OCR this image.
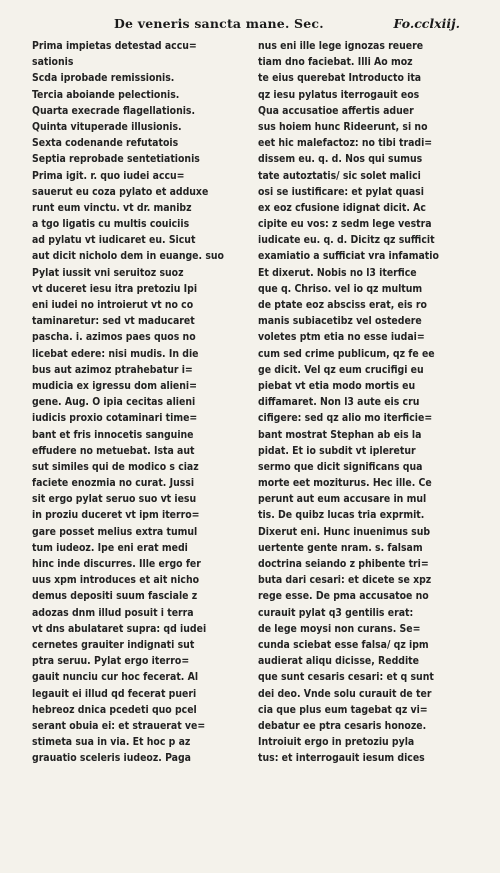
De veneris sancta mane. Sec.	Fo.cclxiij.
Prima impietas detestad accu=
sationis
Scda iprobade remissionis.
Tercia aboiande pelectionis.
Quarta execrade flagellationis.
Quinta vituperade illusionis.
Sexta codenande refutatois
Septia reprobade sentetiationis
Prima igit. r. quo iudei accu=
sauerut eu coza pylato et adduxe
runt eum vinctu. vt dr. manibz
a tgo ligatis cu multis couiciis
ad pylatu vt iudicaret eu. Sicut
aut dicit nicholo dem in euange. suo
Pylat iussit vni seruitoz suoz
vt duceret iesu itra pretoziu Ipi
eni iudei no introierut vt no co
taminaretur: sed vt maducaret
pascha. i. azimos paes quos no
licebat edere: nisi mudis. In die
bus aut azimoz ptrahebatur i=
mudicia ex igressu dom alieni=
gene. Aug. O ipia cecitas alieni
iudicis proxio cotaminari time=
bant et fris innocetis sanguine
effudere no metuebat. Ista aut
sut similes qui de modico s ciaz
faciete enozmia no curat. Jussi
sit ergo pylat seruo suo vt iesu
in proziu duceret vt ipm iterro=
gare posset melius extra tumul
tum iudeoz. Ipe eni erat medi
hinc inde discurres. Ille ergo fer
uus xpm introduces et ait nicho
demus depositi suum fasciale z
adozas dnm illud posuit i terra
vt dns abulataret supra: qd iudei
cernetes grauiter indignati sut
ptra seruu. Pylat ergo iterro=
gauit nunciu cur hoc fecerat. Al
legauit ei illud qd fecerat pueri
hebreoz dnica pcedeti quo pcel
serant obuia ei: et strauerat ve=
stimeta sua in via. Et hoc p az
grauatio sceleris iudeoz. Paga
nus eni ille lege ignozas reuere
tiam dno faciebat. Illi Ao moz
te eius querebat Introducto ita
qz iesu pylatus iterrogauit eos
Qua accusatioe affertis aduer
sus hoiem hunc Rideerunt, si no
eet hic malefactoz: no tibi tradi=
dissem eu. q. d. Nos qui sumus
tate autoztatis/ sic solet malici
osi se iustificare: et pylat quasi
ex eoz cfusione idignat dicit. Ac
cipite eu vos: z sedm lege vestra
iudicate eu. q. d. Dicitz qz sufficit
examiatio a sufficiat vra infamatio
Et dixerut. Nobis no l3 iterfice
que q. Chriso. vel io qz multum
de ptate eoz absciss erat, eis ro
manis subiacetibz vel ostedere
voletes ptm etia no esse iudai=
cum sed crime publicum, qz fe ee
ge dicit. Vel qz eum crucifigi eu
piebat vt etia modo mortis eu
diffamaret. Non l3 aute eis cru
cifigere: sed qz alio mo iterficie=
bant mostrat Stephan ab eis la
pidat. Et io subdit vt ipleretur
sermo que dicit significans qua
morte eet moziturus. Hec ille. Ce
perunt aut eum accusare in mul
tis. De quibz lucas tria exprmit.
Dixerut eni. Hunc inuenimus sub
uertente gente nram. s. falsam
doctrina seiando z phibente tri=
buta dari cesari: et dicete se xpz
rege esse. De pma accusatoe no
curauit pylat q3 gentilis erat:
de lege moysi non curans. Se=
cunda sciebat esse falsa/ qz ipm
audierat aliqu dicisse, Reddite
que sunt cesaris cesari: et q sunt
dei deo. Vnde solu curauit de ter
cia que plus eum tagebat qz vi=
debatur ee ptra cesaris honoze.
Introiuit ergo in pretoziu pyla
tus: et interrogauit iesum dices
